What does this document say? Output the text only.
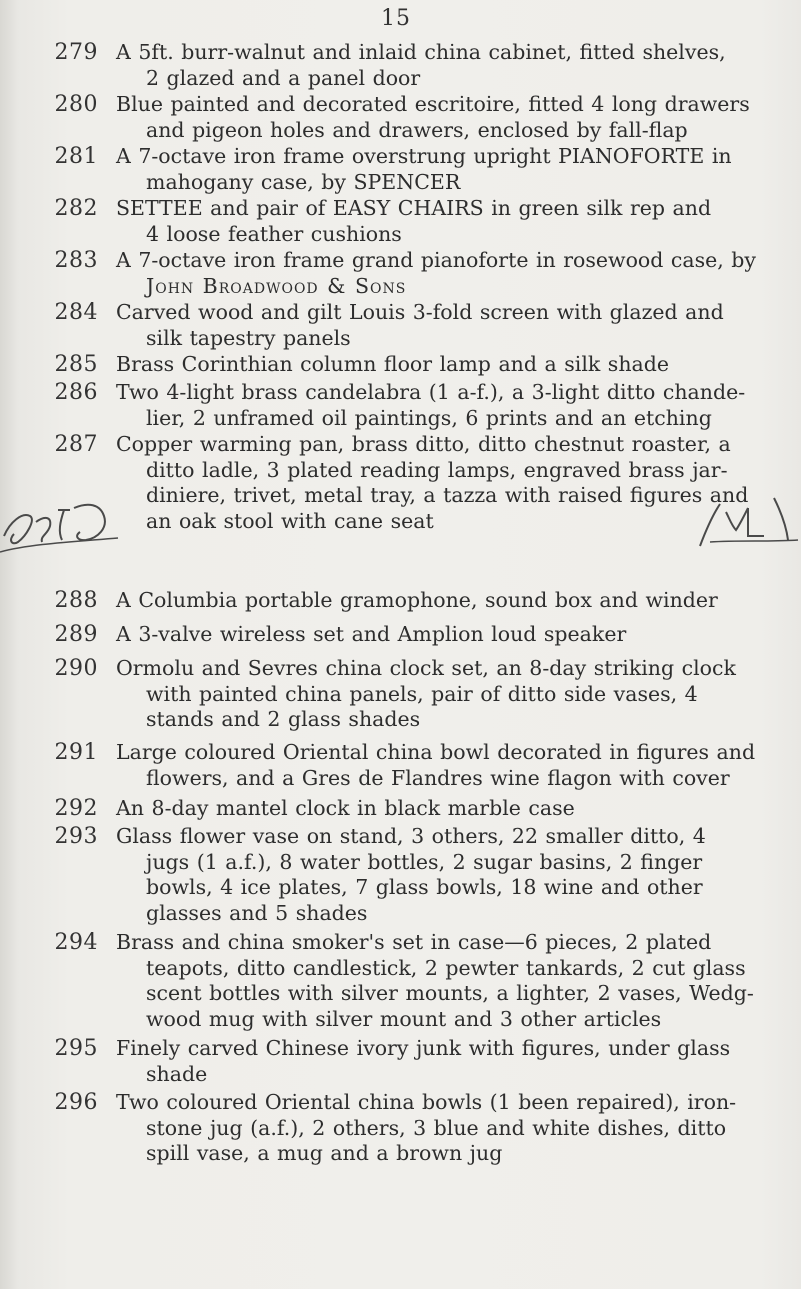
15
279 A 5ft. burr-walnut and inlaid china cabinet, fitted shelves,
2 glazed and a panel door
280 Blue painted and decorated escritoire, fitted 4 long drawers
and pigeon holes and drawers, enclosed by fall-flap
281 A 7-octave iron frame overstrung upright PIANOFORTE in
mahogany case, by SPENCER
282 SETTEE and pair of EASY CHAIRS in green silk rep and
4 loose feather cushions
283 A 7-octave iron frame grand pianoforte in rosewood case, by
John Broadwood & Sons
284 Carved wood and gilt Louis 3-fold screen with glazed and
silk tapestry panels
285 Brass Corinthian column floor lamp and a silk shade
286 Two 4-light brass candelabra (1 a-f.), a 3-light ditto chande-
lier, 2 unframed oil paintings, 6 prints and an etching
287 Copper warming pan, brass ditto, ditto chestnut roaster, a
ditto ladle, 3 plated reading lamps, engraved brass jar-
diniere, trivet, metal tray, a tazza with raised figures and
an oak stool with cane seat
288 A Columbia portable gramophone, sound box and winder
289 A 3-valve wireless set and Amplion loud speaker
290 Ormolu and Sevres china clock set, an 8-day striking clock
with painted china panels, pair of ditto side vases, 4
stands and 2 glass shades
291 Large coloured Oriental china bowl decorated in figures and
flowers, and a Gres de Flandres wine flagon with cover
292 An 8-day mantel clock in black marble case
293 Glass flower vase on stand, 3 others, 22 smaller ditto, 4
jugs (1 a.f.), 8 water bottles, 2 sugar basins, 2 finger
bowls, 4 ice plates, 7 glass bowls, 18 wine and other
glasses and 5 shades
294 Brass and china smoker's set in case—6 pieces, 2 plated
teapots, ditto candlestick, 2 pewter tankards, 2 cut glass
scent bottles with silver mounts, a lighter, 2 vases, Wedg-
wood mug with silver mount and 3 other articles
295 Finely carved Chinese ivory junk with figures, under glass
shade
296 Two coloured Oriental china bowls (1 been repaired), iron-
stone jug (a.f.), 2 others, 3 blue and white dishes, ditto
spill vase, a mug and a brown jug
